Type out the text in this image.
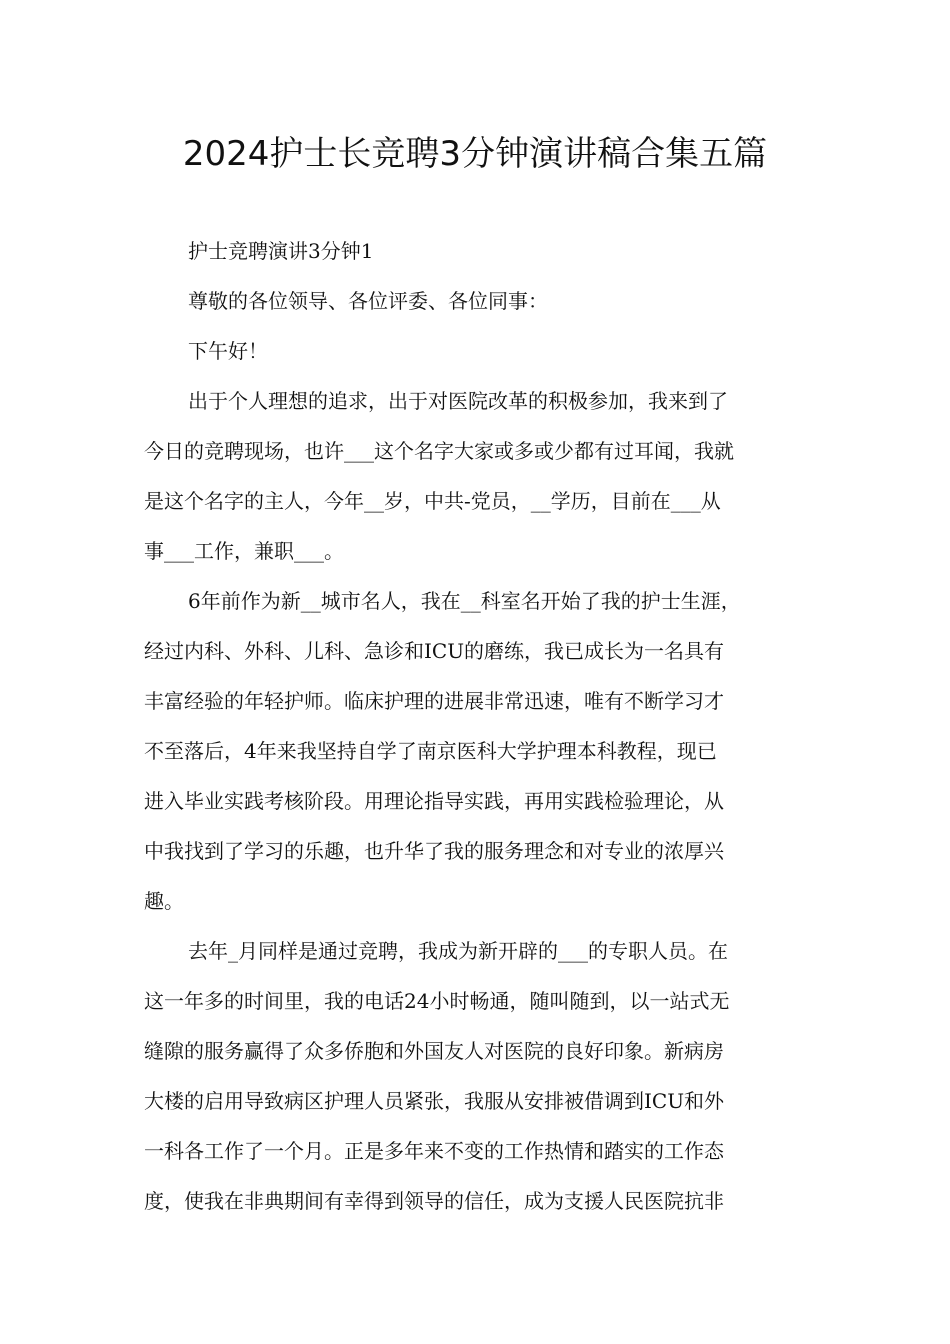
2024护士长竞聘3分钟演讲稿合集五篇
护士竞聘演讲3分钟1
尊敬的各位领导、各位评委、各位同事：
下午好！
出于个人理想的追求，出于对医院改革的积极参加，我来到了
今日的竞聘现场，也许___这个名字大家或多或少都有过耳闻，我就
是这个名字的主人，今年__岁，中共-党员，__学历，目前在___从
事___工作，兼职___。
6年前作为新__城市名人，我在__科室名开始了我的护士生涯，
经过内科、外科、儿科、急诊和ICU的磨练，我已成长为一名具有
丰富经验的年轻护师。临床护理的进展非常迅速，唯有不断学习才
不至落后，4年来我坚持自学了南京医科大学护理本科教程，现已
进入毕业实践考核阶段。用理论指导实践，再用实践检验理论，从
中我找到了学习的乐趣，也升华了我的服务理念和对专业的浓厚兴
趣。
去年_月同样是通过竞聘，我成为新开辟的___的专职人员。在
这一年多的时间里，我的电话24小时畅通，随叫随到，以一站式无
缝隙的服务赢得了众多侨胞和外国友人对医院的良好印象。新病房
大楼的启用导致病区护理人员紧张，我服从安排被借调到ICU和外
一科各工作了一个月。正是多年来不变的工作热情和踏实的工作态
度，使我在非典期间有幸得到领导的信任，成为支援人民医院抗非
